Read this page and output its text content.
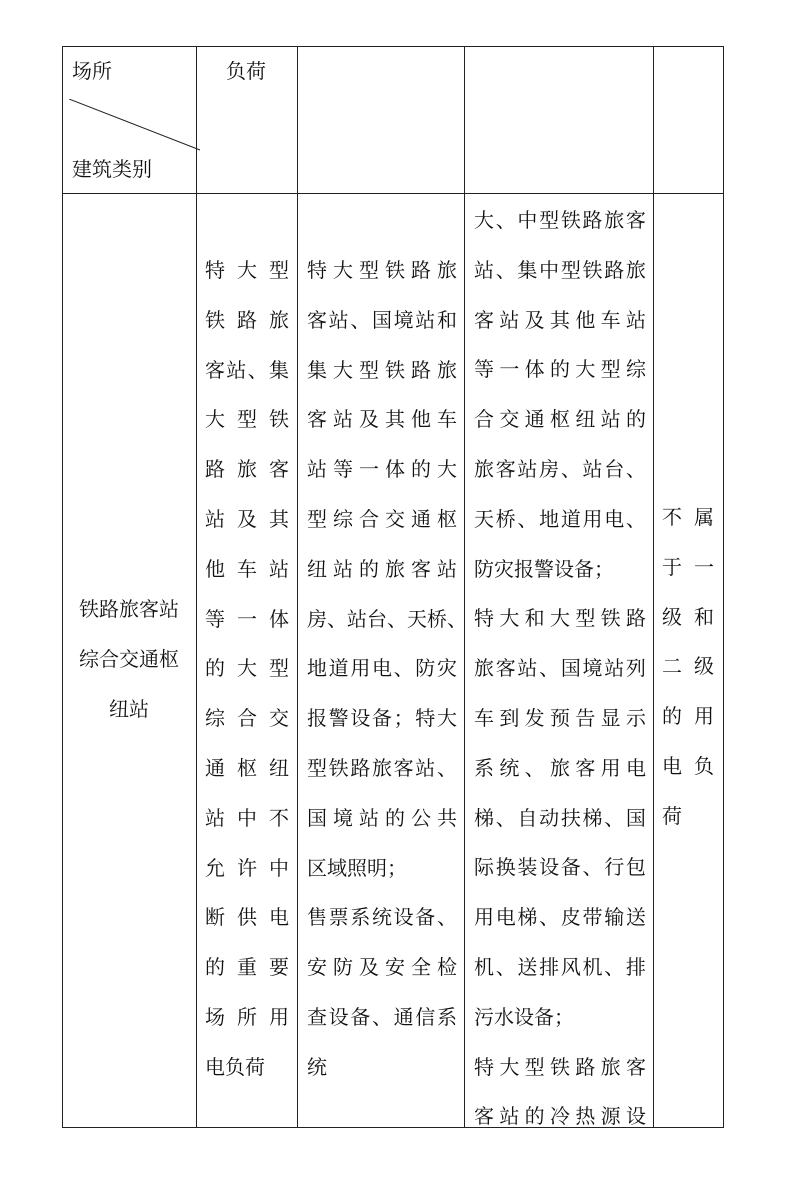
场所
建筑类别
负荷
铁路旅客站
综合交通枢
纽站
特 大 型
铁 路 旅
客 站 、 集
大 型 铁
路 旅 客
站 及 其
他 车 站
等 一 体
的 大 型
综 合 交
通 枢 纽
站 中 不
允 许 中
断 供 电
的 重 要
场 所 用
电负荷
特 大 型 铁 路 旅
客 站 、 国 境 站 和
集 大 型 铁 路 旅
客 站 及 其 他 车
站 等 一 体 的 大
型 综 合 交 通 枢
纽 站 的 旅 客 站
房 、 站 台 、 天 桥 、
地 道 用 电 、 防 灾
报 警 设 备 ； 特 大
型 铁 路 旅 客 站 、
国 境 站 的 公 共
区域照明；
售 票 系 统 设 备 、
安 防 及 安 全 检
查 设 备 、 通 信 系
统
大 、 中 型 铁 路 旅 客
站 、 集 中 型 铁 路 旅
客 站 及 其 他 车 站
等 一 体 的 大 型 综
合 交 通 枢 纽 站 的
旅 客 站 房 、 站 台 、
天 桥 、 地 道 用 电 、
防灾报警设备；
特 大 和 大 型 铁 路
旅 客 站 、 国 境 站 列
车 到 发 预 告 显 示
系 统 、 旅 客 用 电
梯 、 自 动 扶 梯 、 国
际 换 装 设 备 、 行 包
用 电 梯 、 皮 带 输 送
机 、 送 排 风 机 、 排
污水设备；
特 大 型 铁 路 旅 客
客 站 的 冷 热 源 设
不 属
于 一
级 和
二 级
的 用
电 负
荷
